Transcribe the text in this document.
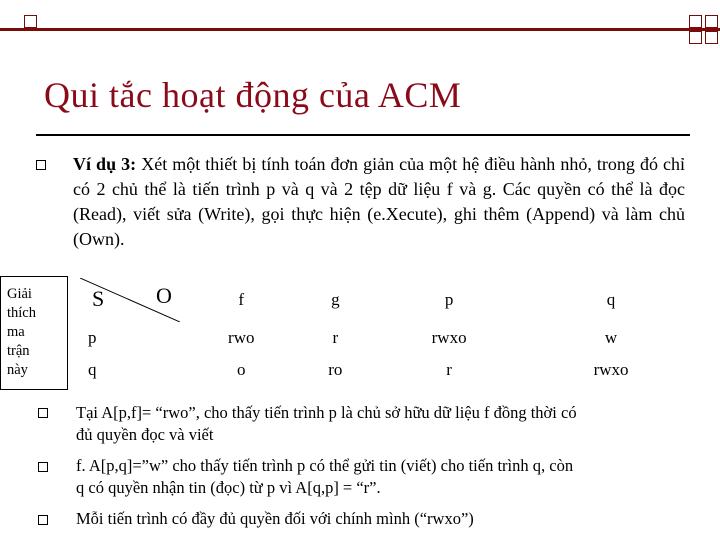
Qui tắc hoạt động của ACM
Ví dụ 3: Xét một thiết bị tính toán đơn giản của một hệ điều hành nhỏ, trong đó chỉ có 2 chủ thể là tiến trình p và q và 2 tệp dữ liệu f và g. Các quyền có thể là đọc (Read), viết sửa (Write), gọi thực hiện (e.Xecute), ghi thêm (Append) và làm chủ (Own).
Giải
thích
ma
trận
này
S O	f	g	p	q
p	rwo	r	rwxo	w
q	o	ro	r	rwxo
Tại A[p,f]= “rwo”, cho thấy tiến trình p là chủ sở hữu dữ liệu f đồng thời có
đủ quyền đọc và viết
f. A[p,q]=”w” cho thấy tiến trình p có thể gửi tin (viết) cho tiến trình q, còn
q có quyền nhận tin (đọc) từ p vì A[q,p] = “r”.
Mỗi tiến trình có đầy đủ quyền đối với chính mình (“rwxo”)
